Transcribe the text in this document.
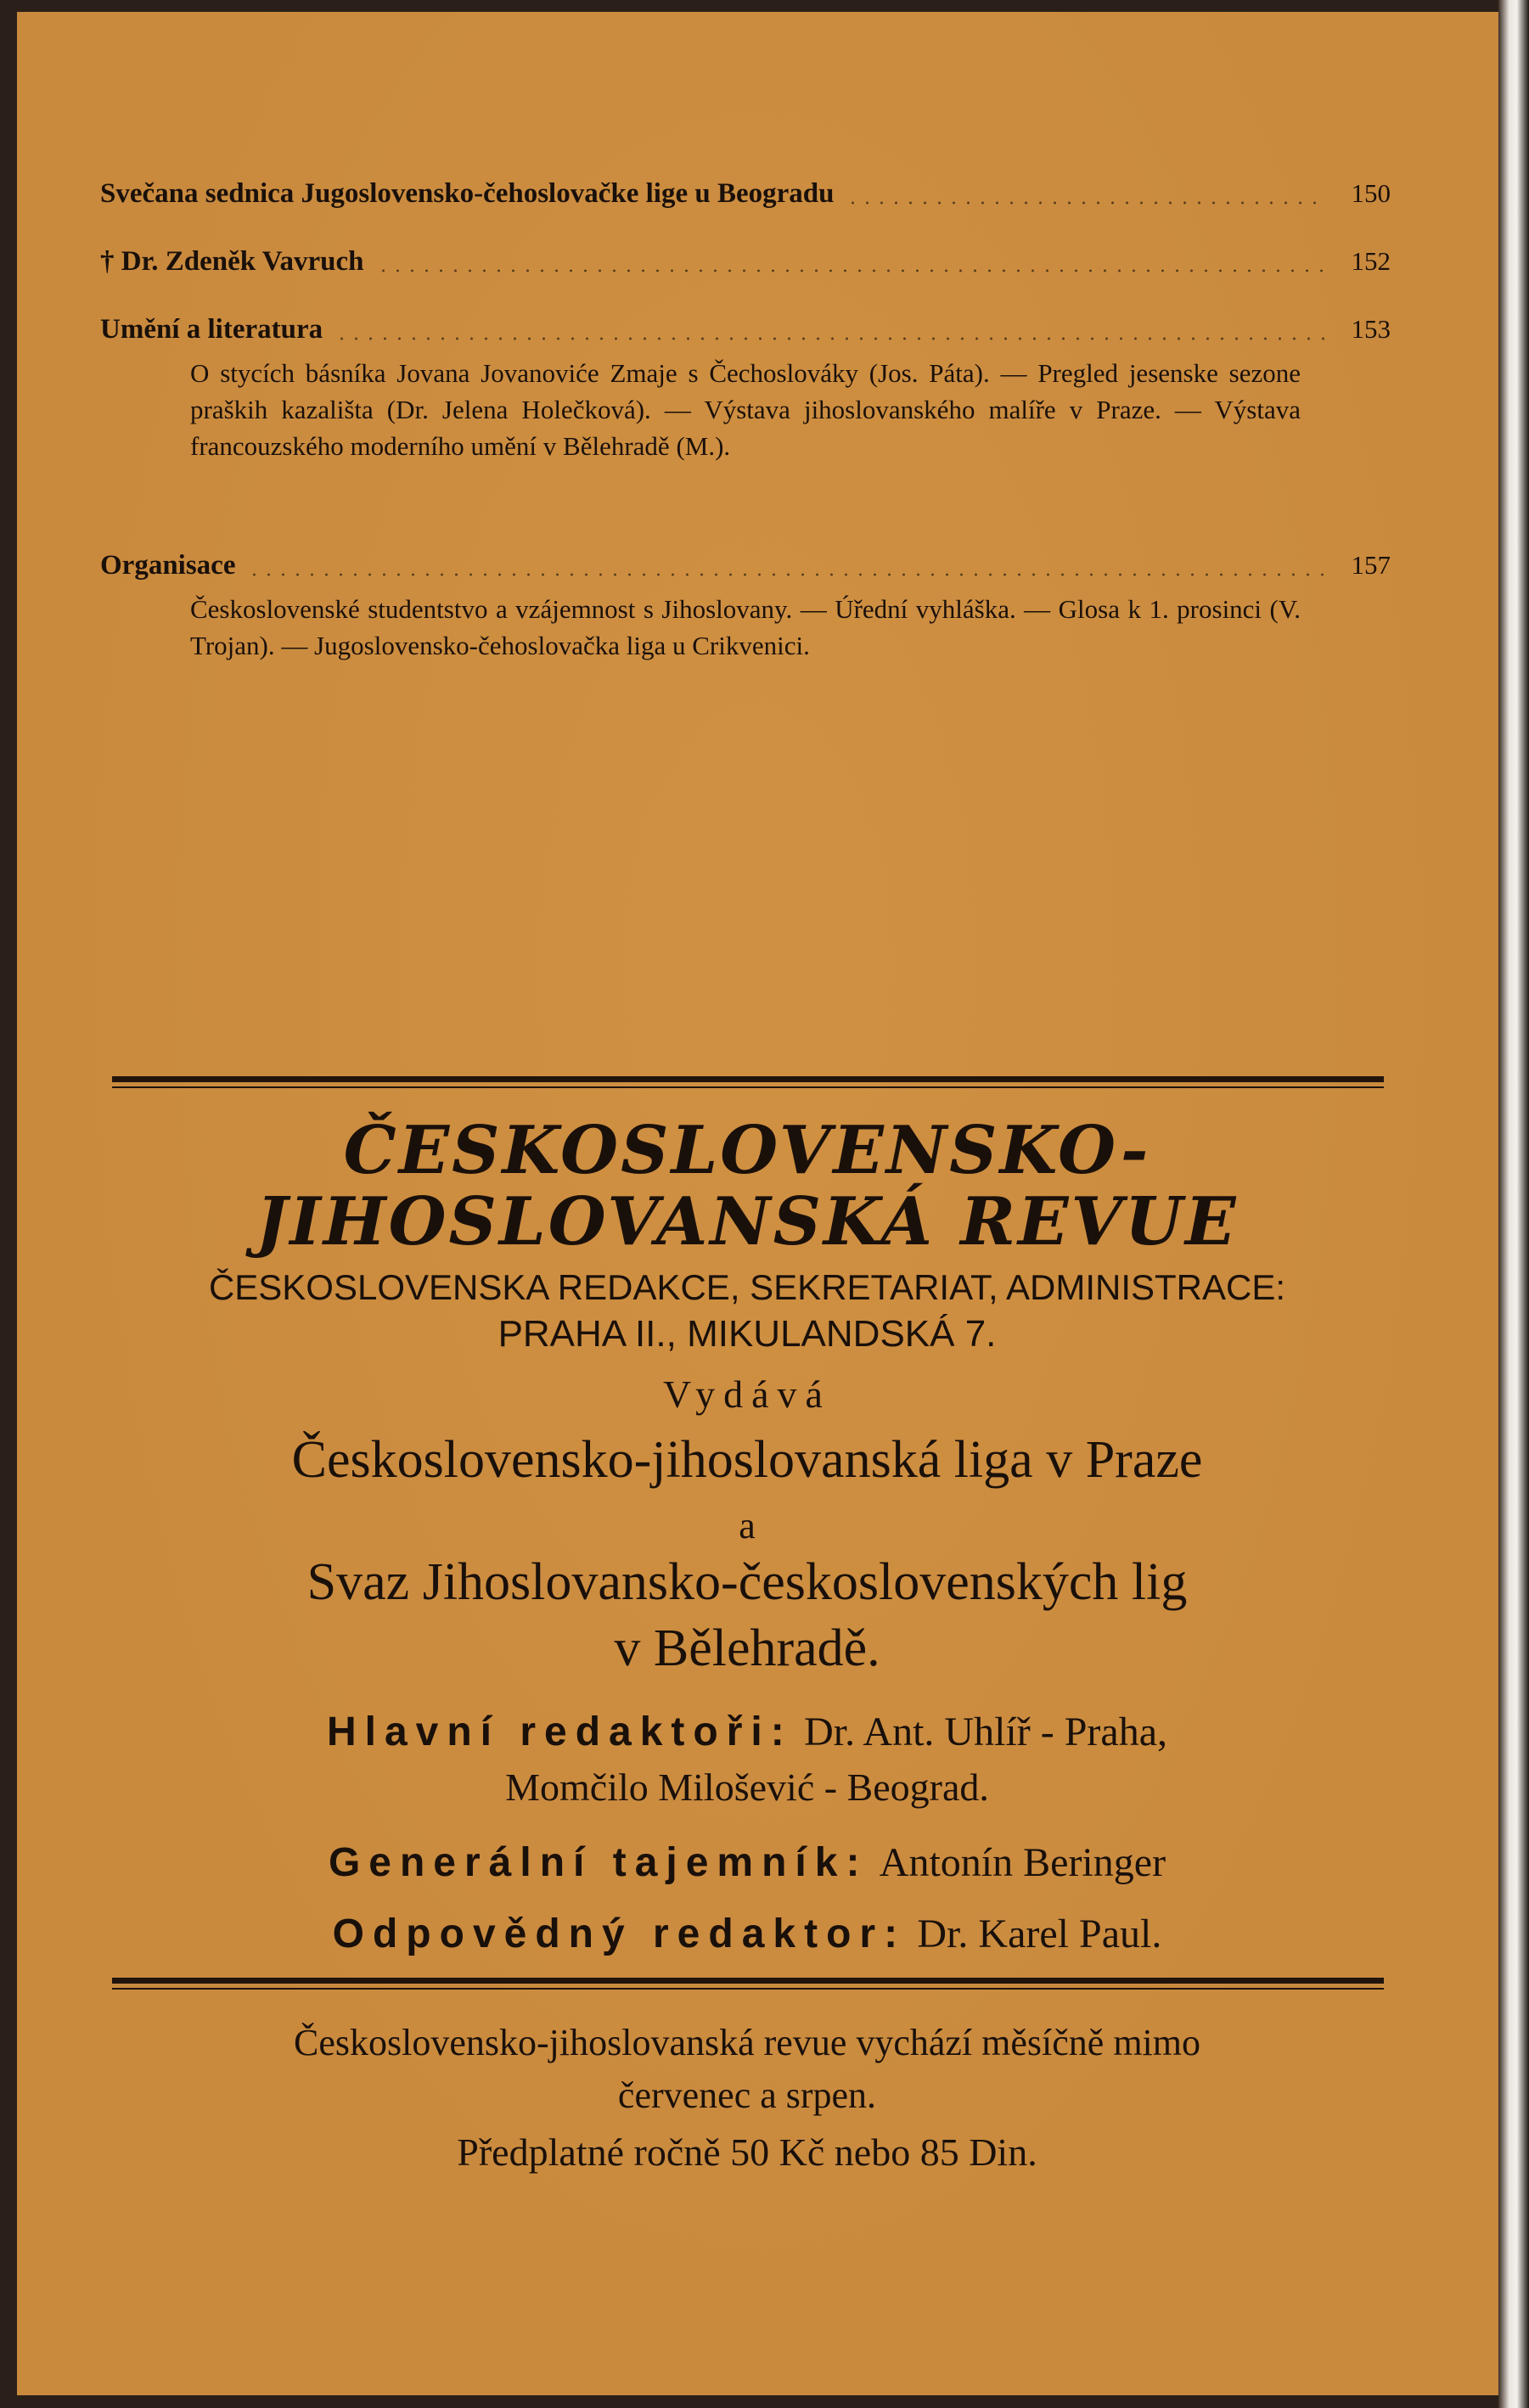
Svečana sednica Jugoslovensko-čehoslovačke lige u Beogradu	150
† Dr. Zdeněk Vavruch	152
Umění a literatura	153

O stycích básníka Jovana Jovanoviće Zmaje s Čechoslováky (Jos. Páta). — Pregled jesenske sezone praških kazališta (Dr. Jelena Holečková). — Výstava jihoslovanského malíře v Praze. — Výstava francouzského moderního umění v Bělehradě (M.).

Organisace	157

Československé studentstvo a vzájemnost s Jihoslovany. — Úřední vyhláška. — Glosa k 1. prosinci (V. Trojan). — Jugoslovensko-čehoslovačka liga u Crikvenici.

ČESKOSLOVENSKO-
JIHOSLOVANSKÁ REVUE
ČESKOSLOVENSKA REDAKCE, SEKRETARIAT, ADMINISTRACE:
PRAHA II., MIKULANDSKÁ 7.
Vydává
Československo-jihoslovanská liga v Praze
a
Svaz Jihoslovansko-československých lig
v Bělehradě.
Hlavní redaktoři: Dr. Ant. Uhlíř - Praha,
Momčilo Milošević - Beograd.
Generální tajemník: Antonín Beringer
Odpovědný redaktor: Dr. Karel Paul.
Československo-jihoslovanská revue vychází měsíčně mimo
červenec a srpen.
Předplatné ročně 50 Kč nebo 85 Din.
